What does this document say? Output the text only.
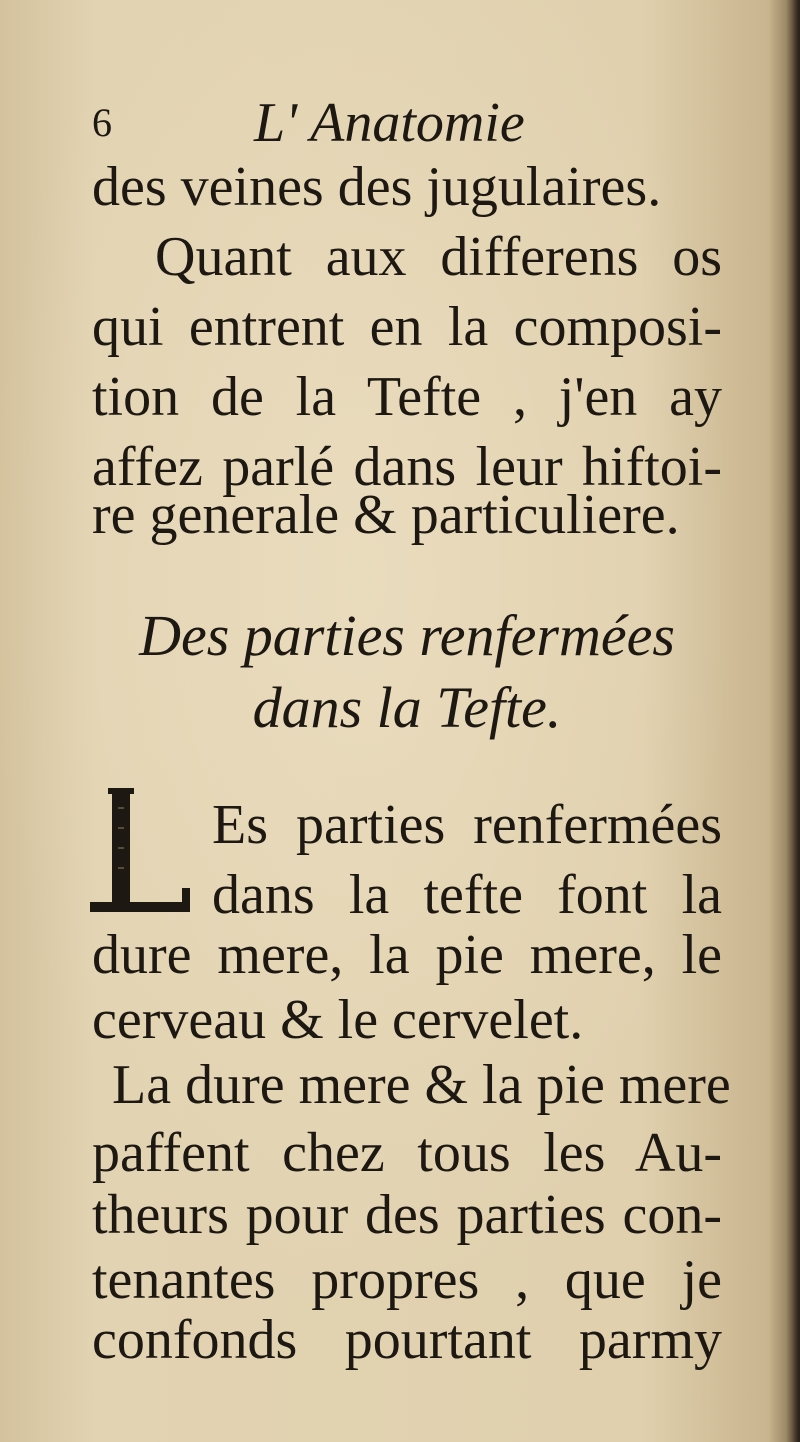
6	L' Anatomie
des veines des jugulaires.
Quant aux differens os
qui entrent en la composi-
tion de la Tefte , j'en ay
affez parlé dans leur hiftoi-
re generale & particuliere.
Des parties renfermées
dans la Tefte.
Es parties renfermées
dans la tefte font la
dure mere, la pie mere, le
cerveau & le cervelet.
La dure mere & la pie mere
paffent chez tous les Au-
theurs pour des parties con-
tenantes propres , que je
confonds pourtant parmy
